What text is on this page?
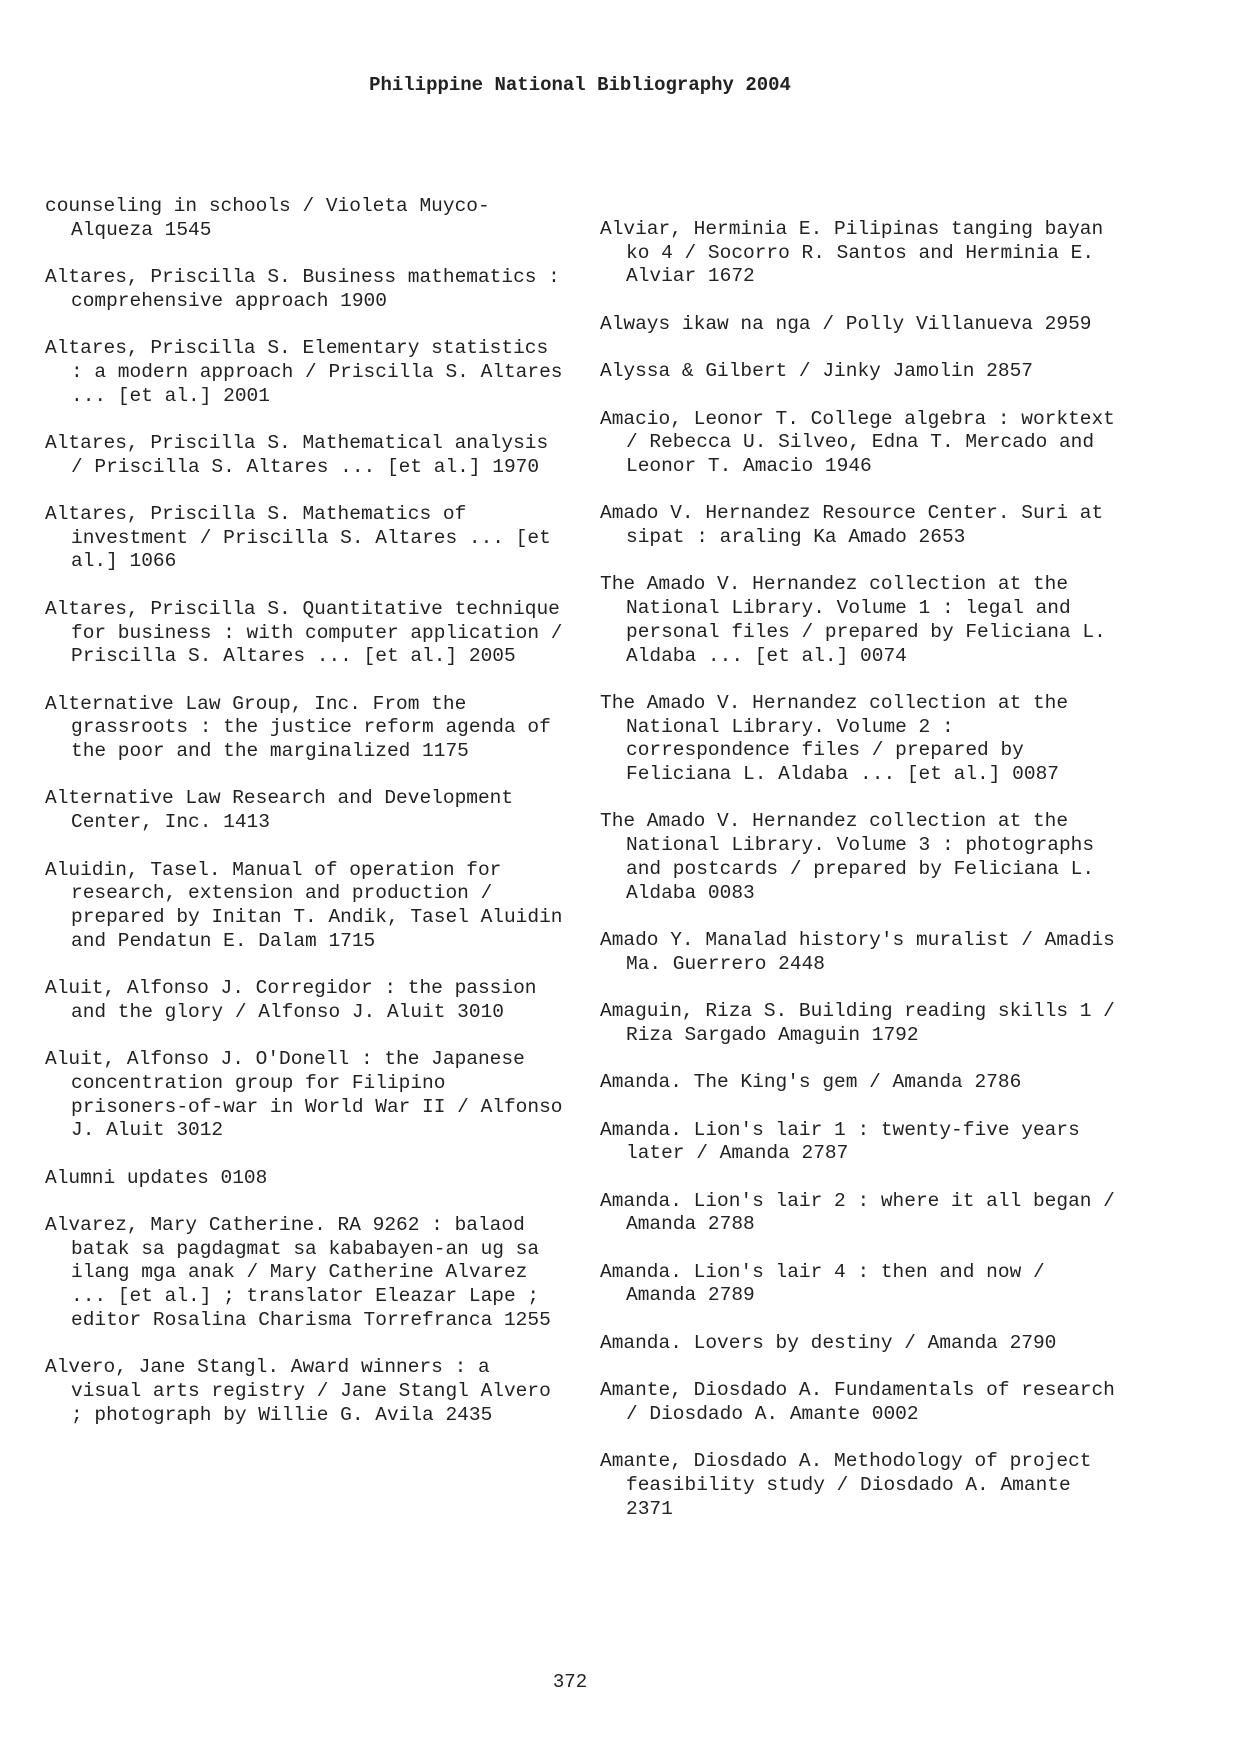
Philippine National Bibliography 2004

counseling in schools / Violeta Muyco-Alqueza 1545

Altares, Priscilla S. Business mathematics : comprehensive approach 1900

Altares, Priscilla S. Elementary statistics : a modern approach / Priscilla S. Altares ... [et al.] 2001

Altares, Priscilla S. Mathematical analysis / Priscilla S. Altares ... [et al.] 1970

Altares, Priscilla S. Mathematics of investment / Priscilla S. Altares ... [et al.] 1066

Altares, Priscilla S. Quantitative technique for business : with computer application / Priscilla S. Altares ... [et al.] 2005

Alternative Law Group, Inc. From the grassroots : the justice reform agenda of the poor and the marginalized 1175

Alternative Law Research and Development Center, Inc. 1413

Aluidin, Tasel. Manual of operation for research, extension and production / prepared by Initan T. Andik, Tasel Aluidin and Pendatun E. Dalam 1715

Aluit, Alfonso J. Corregidor : the passion and the glory / Alfonso J. Aluit 3010

Aluit, Alfonso J. O'Donell : the Japanese concentration group for Filipino prisoners-of-war in World War II / Alfonso J. Aluit 3012

Alumni updates 0108

Alvarez, Mary Catherine. RA 9262 : balaod batak sa pagdagmat sa kababayen-an ug sa ilang mga anak / Mary Catherine Alvarez ... [et al.] ; translator Eleazar Lape ; editor Rosalina Charisma Torrefranca 1255

Alvero, Jane Stangl. Award winners : a visual arts registry / Jane Stangl Alvero ; photograph by Willie G. Avila 2435

Alviar, Herminia E. Pilipinas tanging bayan ko 4 / Socorro R. Santos and Herminia E. Alviar 1672

Always ikaw na nga / Polly Villanueva 2959

Alyssa & Gilbert / Jinky Jamolin 2857

Amacio, Leonor T. College algebra : worktext / Rebecca U. Silveo, Edna T. Mercado and Leonor T. Amacio 1946

Amado V. Hernandez Resource Center. Suri at sipat : araling Ka Amado 2653

The Amado V. Hernandez collection at the National Library. Volume 1 : legal and personal files / prepared by Feliciana L. Aldaba ... [et al.] 0074

The Amado V. Hernandez collection at the National Library. Volume 2 : correspondence files / prepared by Feliciana L. Aldaba ... [et al.] 0087

The Amado V. Hernandez collection at the National Library. Volume 3 : photographs and postcards / prepared by Feliciana L. Aldaba 0083

Amado Y. Manalad history's muralist / Amadis Ma. Guerrero 2448

Amaguin, Riza S. Building reading skills 1 / Riza Sargado Amaguin 1792

Amanda. The King's gem / Amanda 2786

Amanda. Lion's lair 1 : twenty-five years later / Amanda 2787

Amanda. Lion's lair 2 : where it all began / Amanda 2788

Amanda. Lion's lair 4 : then and now / Amanda 2789

Amanda. Lovers by destiny / Amanda 2790

Amante, Diosdado A. Fundamentals of research / Diosdado A. Amante 0002

Amante, Diosdado A. Methodology of project feasibility study / Diosdado A. Amante 2371

372
